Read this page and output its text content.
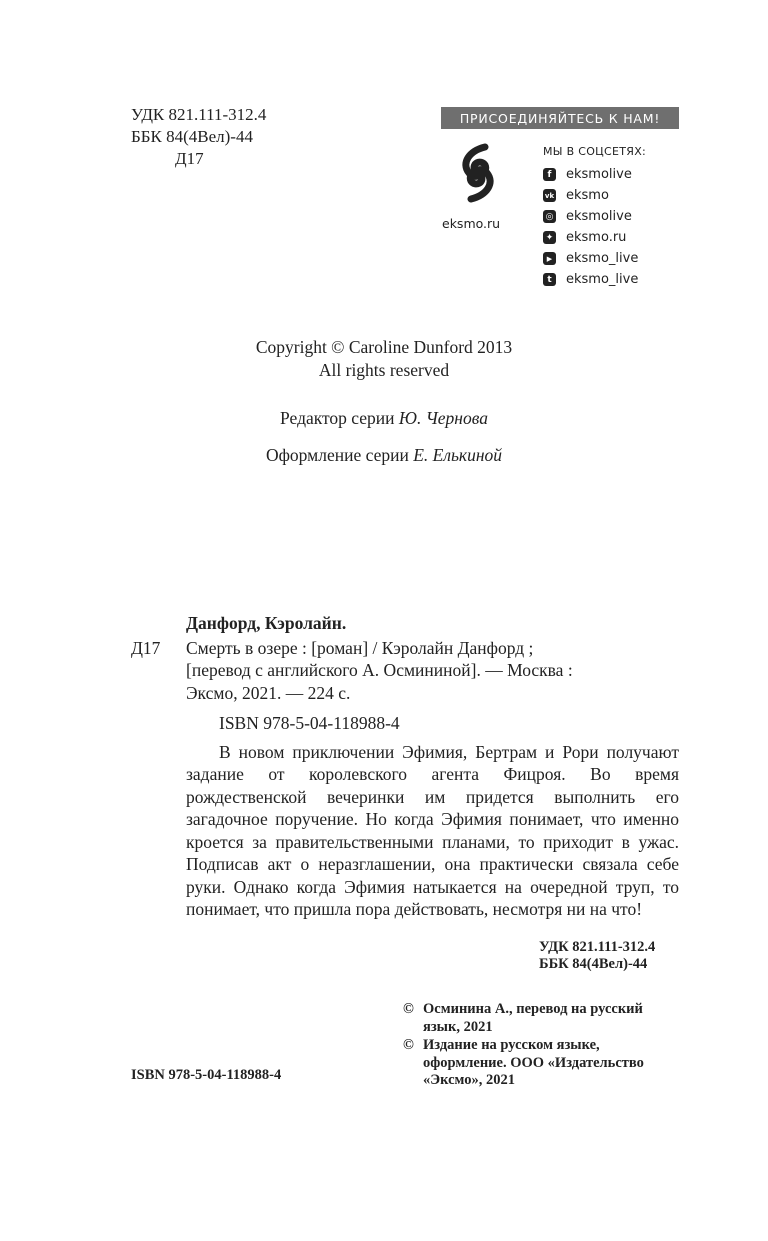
УДК 821.111-312.4
ББК 84(4Вел)-44
Д17
ПРИСОЕДИНЯЙТЕСЬ К НАМ!
eksmo.ru
МЫ В СОЦСЕТЯХ:
f	eksmolive
vk eksmo
◎ eksmolive
✦ eksmo.ru
▶ eksmo_live
t	eksmo_live
Copyright © Caroline Dunford 2013
All rights reserved
Редактор серии Ю. Чернова
Оформление серии Е. Елькиной
Данфорд, Кэролайн.
Д17	Смерть в озере : [роман] / Кэролайн Данфорд ;
[перевод с английского А. Осмининой]. — Москва :
Эксмо, 2021. — 224 с.
ISBN 978-5-04-118988-4
В новом приключении Эфимия, Бертрам и Рори получают задание от королевского агента Фицроя. Во время рождественской вечеринки им придется выполнить его загадочное поручение. Но когда Эфимия понимает, что именно кроется за правительственными планами, то приходит в ужас. Подписав акт о неразглашении, она практически связала себе руки. Однако когда Эфимия натыкается на очередной труп, то понимает, что пришла пора действовать, несмотря ни на что!
УДК 821.111-312.4
ББК 84(4Вел)-44
© Осминина А., перевод на русский язык, 2021
© Издание на русском языке, оформление. ООО «Издательство «Эксмо», 2021
ISBN 978-5-04-118988-4
